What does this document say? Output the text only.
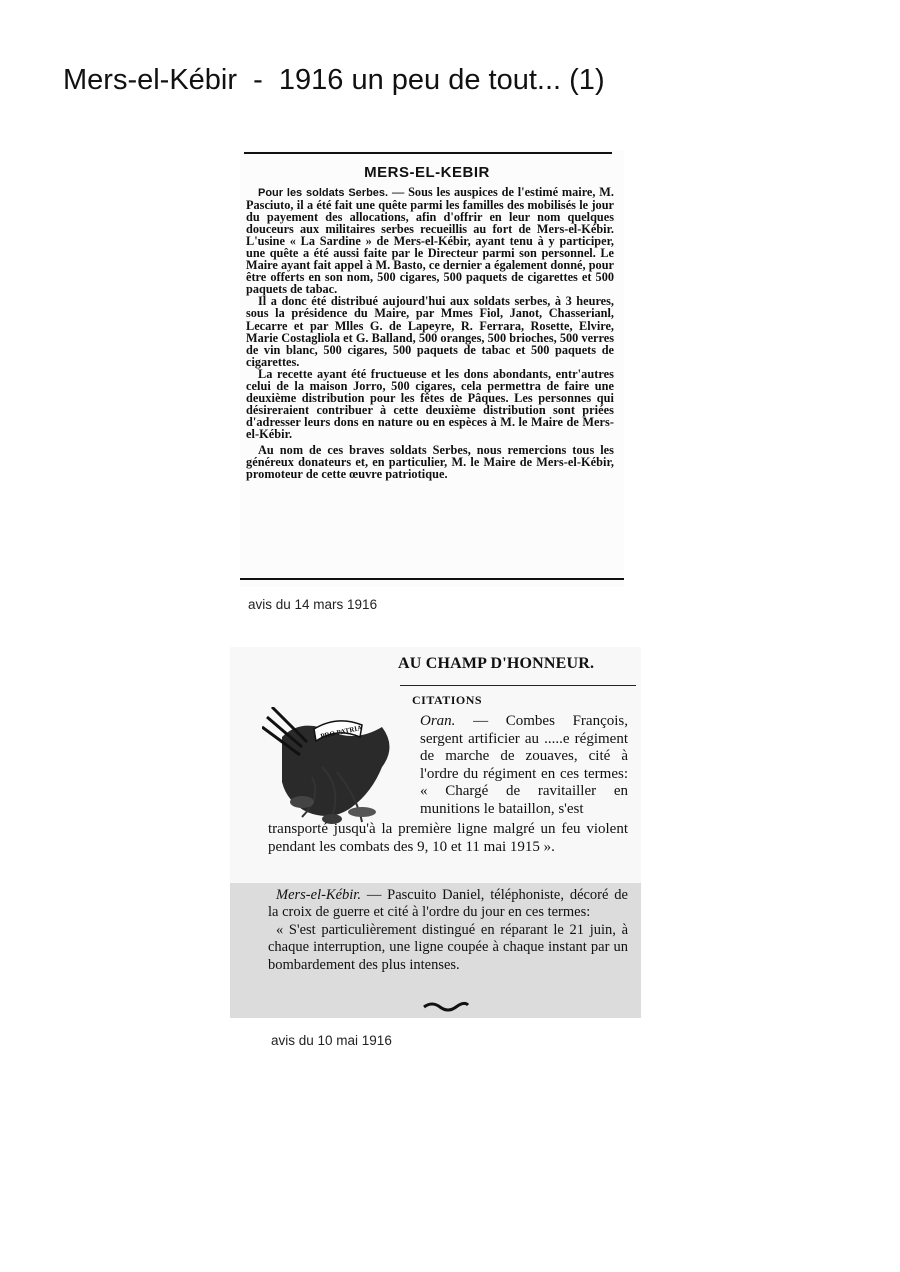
Mers-el-Kébir  -  1916 un peu de tout... (1)
MERS-EL-KEBIR

Pour les soldats Serbes. — Sous les auspices de l'estimé maire, M. Pasciuto, il a été fait une quête parmi les familles des mobilisés le jour du payement des allocations, afin d'offrir en leur nom quelques douceurs aux militaires serbes recueillis au fort de Mers-el-Kébir. L'usine « La Sardine » de Mers-el-Kébir, ayant tenu à y participer, une quête a été aussi faite par le Directeur parmi son personnel. Le Maire ayant fait appel à M. Basto, ce dernier a également donné, pour être offerts en son nom, 500 cigares, 500 paquets de cigarettes et 500 paquets de tabac.

Il a donc été distribué aujourd'hui aux soldats serbes, à 3 heures, sous la présidence du Maire, par Mmes Fiol, Janot, Chasserianl, Lecarre et par Mlles G. de Lapeyre, R. Ferrara, Rosette, Elvire, Marie Costagliola et G. Balland, 500 oranges, 500 brioches, 500 verres de vin blanc, 500 cigares, 500 paquets de tabac et 500 paquets de cigarettes.

La recette ayant été fructueuse et les dons abondants, entr'autres celui de la maison Jorro, 500 cigares, cela permettra de faire une deuxième distribution pour les fêtes de Pâques. Les personnes qui désireraient contribuer à cette deuxième distribution sont priées d'adresser leurs dons en nature ou en espèces à M. le Maire de Mers-el-Kébir.

Au nom de ces braves soldats Serbes, nous remercions tous les généreux donateurs et, en particulier, M. le Maire de Mers-el-Kébir, promoteur de cette œuvre patriotique.

avis du 14 mars 1916
AU CHAMP D'HONNEUR.
CITATIONS
PRO PATRIA

Oran. — Combes François, sergent artificier au .....e régiment de marche de zouaves, cité à l'ordre du régiment en ces termes: « Chargé de ravitailler en munitions le bataillon, s'est

transporté jusqu'à la première ligne malgré un feu violent pendant les combats des 9, 10 et 11 mai 1915 ».

Mers-el-Kébir. — Pascuito Daniel, téléphoniste, décoré de la croix de guerre et cité à l'ordre du jour en ces termes:

« S'est particulièrement distingué en réparant le 21 juin, à chaque interruption, une ligne coupée à chaque instant par un bombardement des plus intenses.

avis du 10 mai 1916
